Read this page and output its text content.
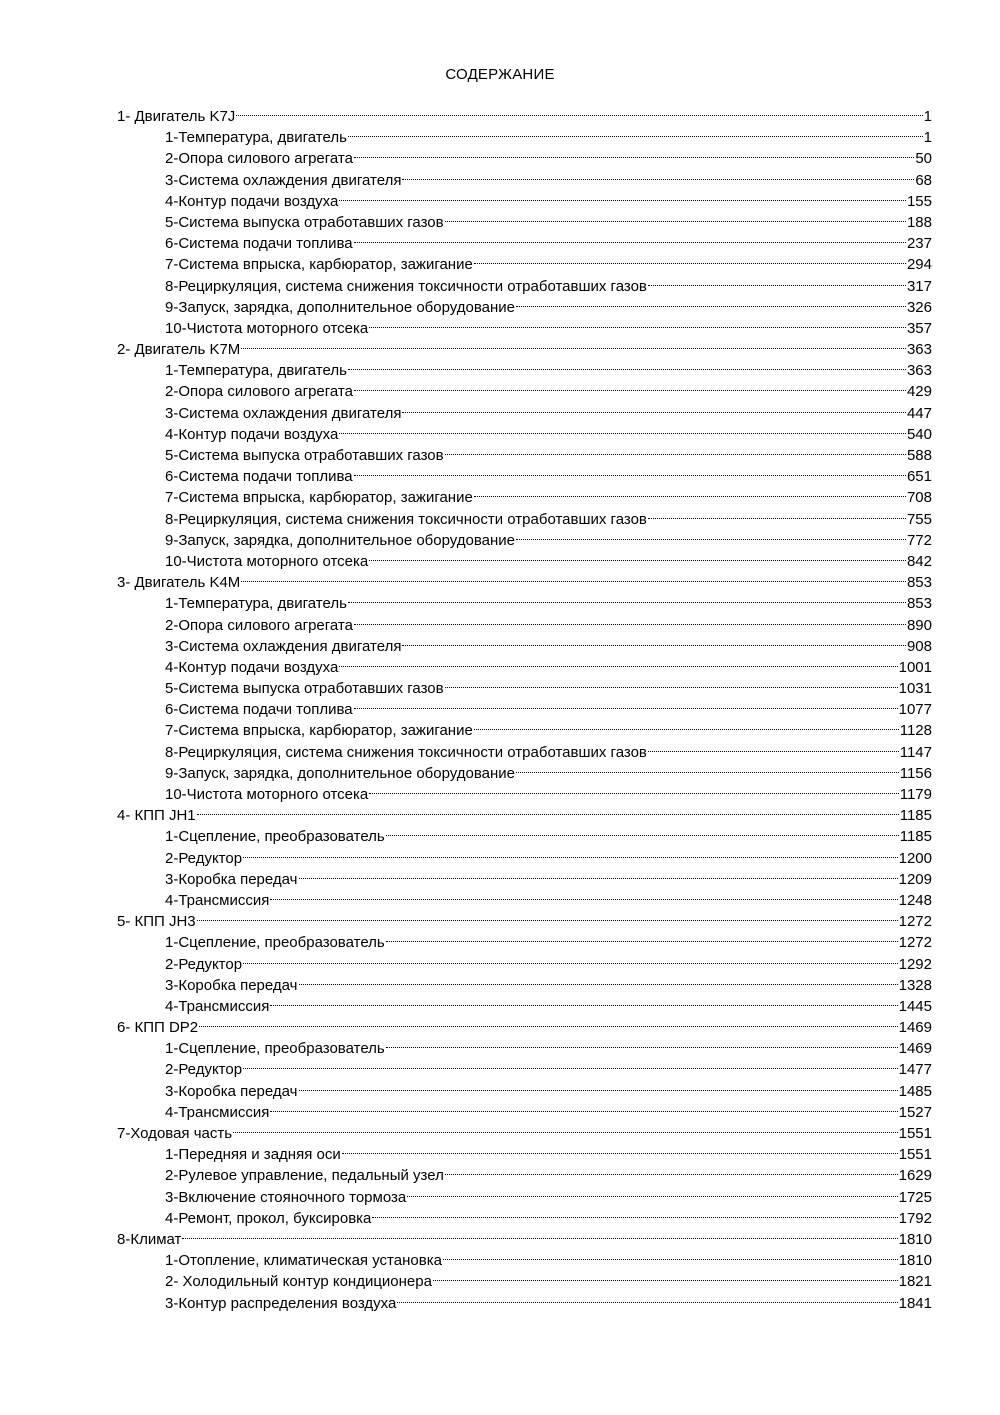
СОДЕРЖАНИЕ
1- Двигатель K7J	1
1-Температура, двигатель	1
2-Опора силового агрегата	50
3-Система охлаждения двигателя	68
4-Контур подачи воздуха	155
5-Система выпуска отработавших газов	188
6-Система подачи топлива	237
7-Система впрыска, карбюратор, зажигание	294
8-Рециркуляция, система снижения токсичности отработавших газов	317
9-Запуск, зарядка, дополнительное оборудование	326
10-Чистота моторного отсека	357
2- Двигатель K7M	363
1-Температура, двигатель	363
2-Опора силового агрегата	429
3-Система охлаждения двигателя	447
4-Контур подачи воздуха	540
5-Система выпуска отработавших газов	588
6-Система подачи топлива	651
7-Система впрыска, карбюратор, зажигание	708
8-Рециркуляция, система снижения токсичности отработавших газов	755
9-Запуск, зарядка, дополнительное оборудование	772
10-Чистота моторного отсека	842
3- Двигатель K4M	853
1-Температура, двигатель	853
2-Опора силового агрегата	890
3-Система охлаждения двигателя	908
4-Контур подачи воздуха	1001
5-Система выпуска отработавших газов	1031
6-Система подачи топлива	1077
7-Система впрыска, карбюратор, зажигание	1128
8-Рециркуляция, система снижения токсичности отработавших газов	1147
9-Запуск, зарядка, дополнительное оборудование	1156
10-Чистота моторного отсека	1179
4- КПП JH1	1185
1-Сцепление, преобразователь	1185
2-Редуктор	1200
3-Коробка передач	1209
4-Трансмиссия	1248
5- КПП JH3	1272
1-Сцепление, преобразователь	1272
2-Редуктор	1292
3-Коробка передач	1328
4-Трансмиссия	1445
6- КПП DP2	1469
1-Сцепление, преобразователь	1469
2-Редуктор	1477
3-Коробка передач	1485
4-Трансмиссия	1527
7-Ходовая часть	1551
1-Передняя и задняя оси	1551
2-Рулевое управление, педальный узел	1629
3-Включение стояночного тормоза	1725
4-Ремонт, прокол, буксировка	1792
8-Климат	1810
1-Отопление, климатическая установка	1810
2- Холодильный контур кондиционера	1821
3-Контур распределения воздуха	1841
